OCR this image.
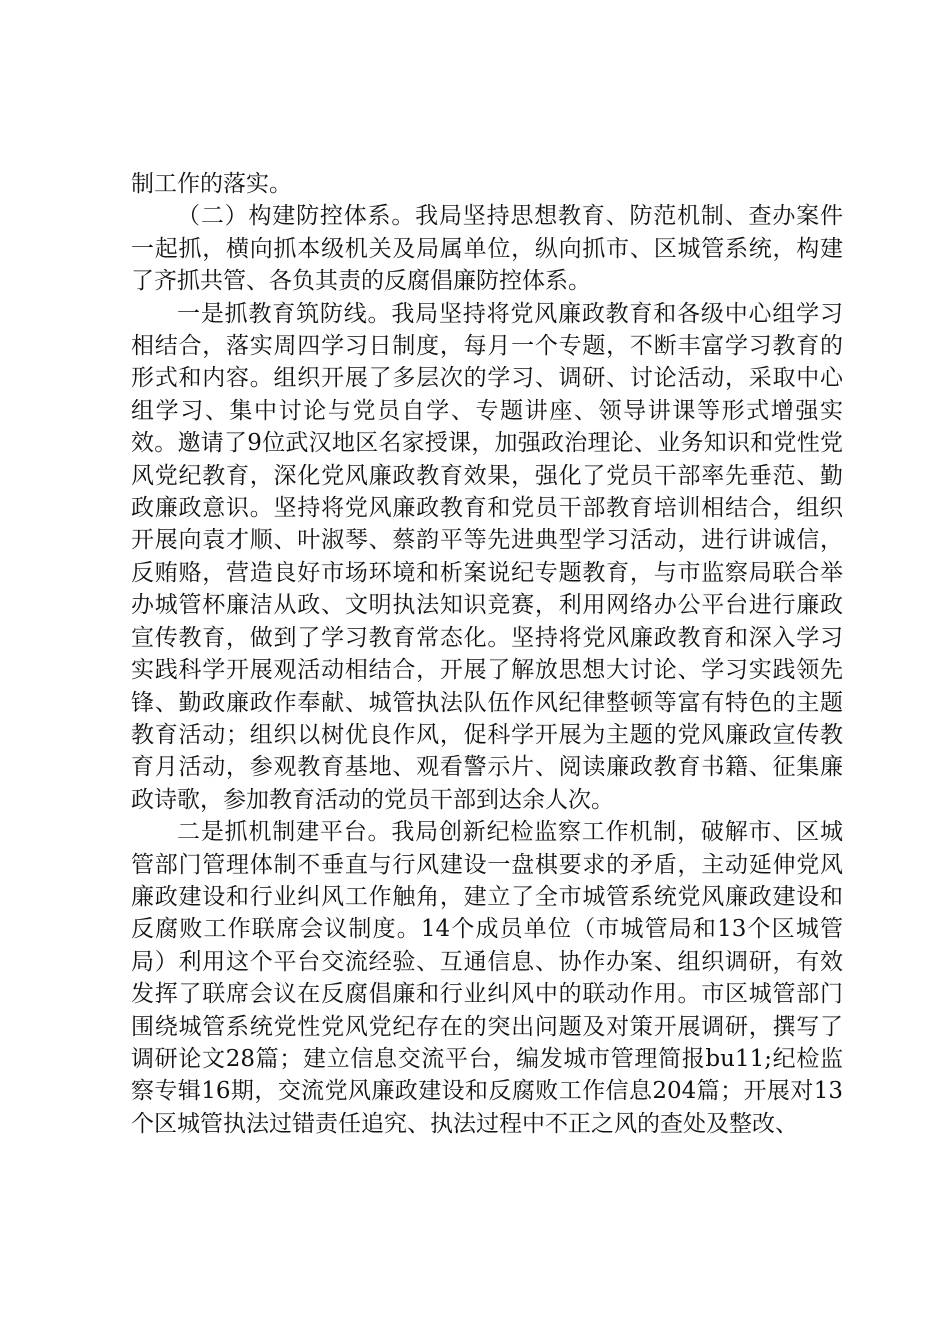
制工作的落实。

（二）构建防控体系。我局坚持思想教育、防范机制、查办案件一起抓，横向抓本级机关及局属单位，纵向抓市、区城管系统，构建了齐抓共管、各负其责的反腐倡廉防控体系。

一是抓教育筑防线。我局坚持将党风廉政教育和各级中心组学习相结合，落实周四学习日制度，每月一个专题，不断丰富学习教育的形式和内容。组织开展了多层次的学习、调研、讨论活动，采取中心组学习、集中讨论与党员自学、专题讲座、领导讲课等形式增强实效。邀请了9位武汉地区名家授课，加强政治理论、业务知识和党性党风党纪教育，深化党风廉政教育效果，强化了党员干部率先垂范、勤政廉政意识。坚持将党风廉政教育和党员干部教育培训相结合，组织开展向袁才顺、叶淑琴、蔡韵平等先进典型学习活动，进行讲诚信，反贿赂，营造良好市场环境和析案说纪专题教育，与市监察局联合举办城管杯廉洁从政、文明执法知识竞赛，利用网络办公平台进行廉政宣传教育，做到了学习教育常态化。坚持将党风廉政教育和深入学习实践科学开展观活动相结合，开展了解放思想大讨论、学习实践领先锋、勤政廉政作奉献、城管执法队伍作风纪律整顿等富有特色的主题教育活动；组织以树优良作风，促科学开展为主题的党风廉政宣传教育月活动，参观教育基地、观看警示片、阅读廉政教育书籍、征集廉政诗歌，参加教育活动的党员干部到达余人次。

二是抓机制建平台。我局创新纪检监察工作机制，破解市、区城管部门管理体制不垂直与行风建设一盘棋要求的矛盾，主动延伸党风廉政建设和行业纠风工作触角，建立了全市城管系统党风廉政建设和反腐败工作联席会议制度。14个成员单位（市城管局和13个区城管局）利用这个平台交流经验、互通信息、协作办案、组织调研，有效发挥了联席会议在反腐倡廉和行业纠风中的联动作用。市区城管部门围绕城管系统党性党风党纪存在的突出问题及对策开展调研，撰写了调研论文28篇；建立信息交流平台，编发城市管理简报bu11;纪检监察专辑16期，交流党风廉政建设和反腐败工作信息204篇；开展对13个区城管执法过错责任追究、执法过程中不正之风的查处及整改、
